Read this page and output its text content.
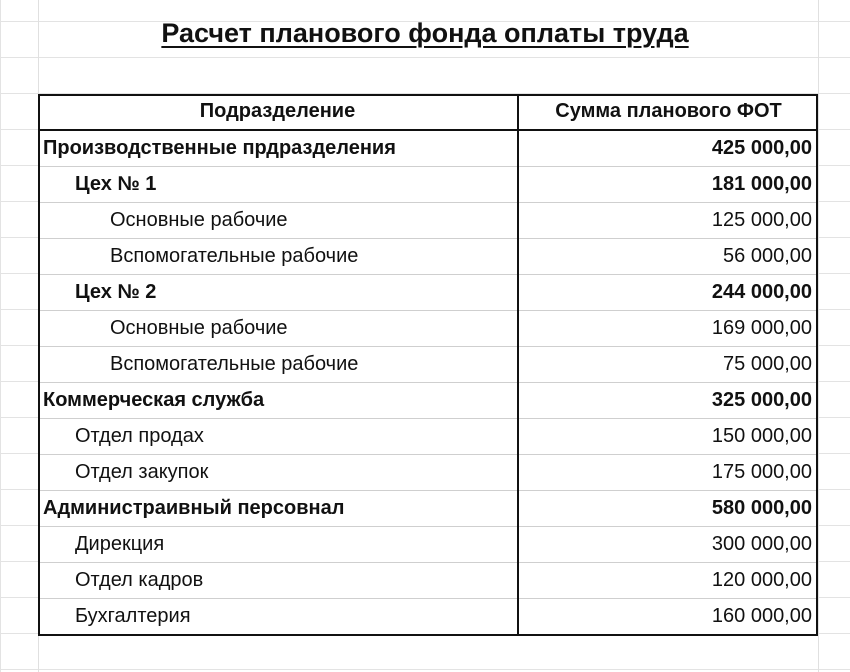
Расчет планового фонда оплаты труда
Подразделение	Сумма планового ФОТ
Производственные прдразделения	425 000,00
Цех № 1	181 000,00
Основные рабочие	125 000,00
Вспомогательные рабочие	56 000,00
Цех № 2	244 000,00
Основные рабочие	169 000,00
Вспомогательные рабочие	75 000,00
Коммерческая служба	325 000,00
Отдел продах	150 000,00
Отдел закупок	175 000,00
Администраивный персовнал	580 000,00
Дирекция	300 000,00
Отдел кадров	120 000,00
Бухгалтерия	160 000,00
